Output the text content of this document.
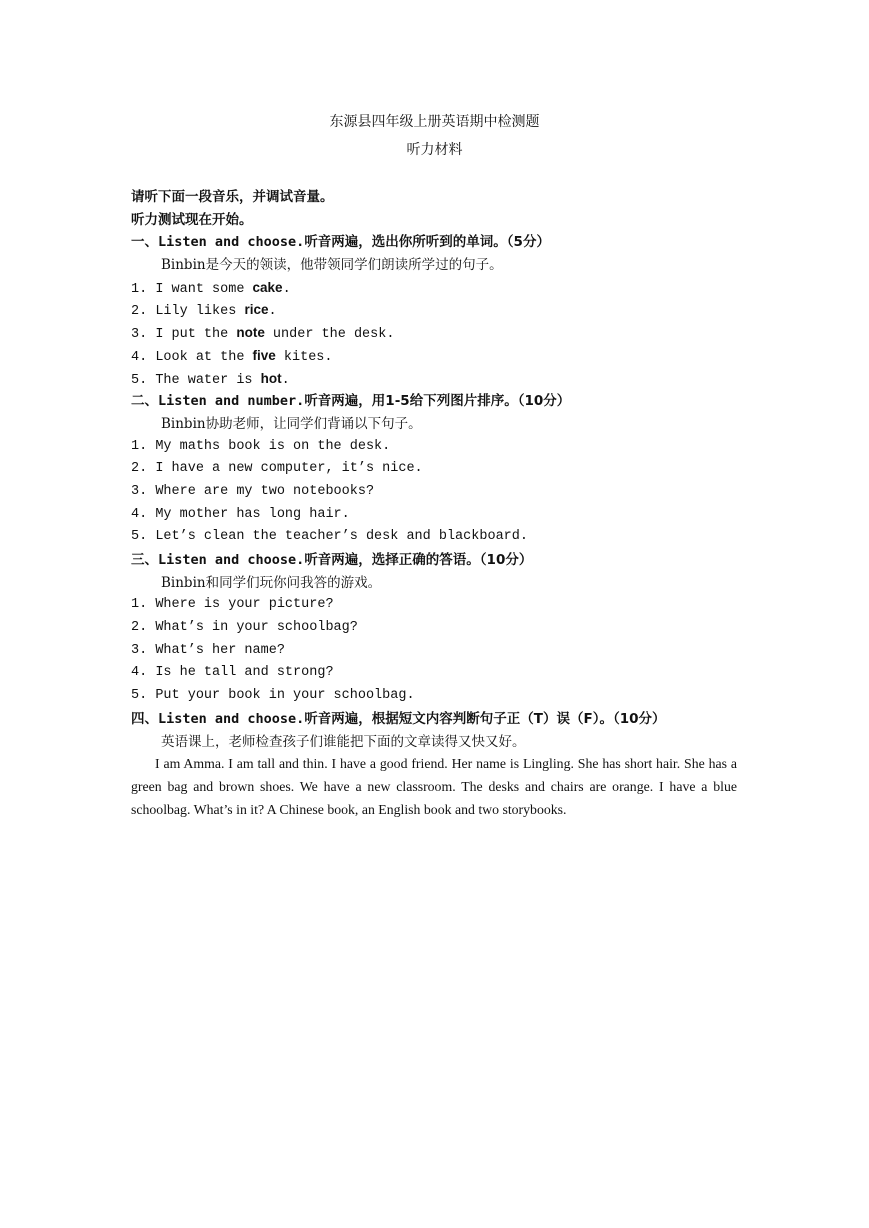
东源县四年级上册英语期中检测题
听力材料
请听下面一段音乐，并调试音量。
听力测试现在开始。
一、Listen and choose.听音两遍，选出你所听到的单词。（5分）
Binbin是今天的领读，他带领同学们朗读所学过的句子。
1. I want some cake.
2. Lily likes rice.
3. I put the note under the desk.
4. Look at the five kites.
5. The water is hot.
二、Listen and number.听音两遍，用1-5给下列图片排序。（10分）
Binbin协助老师，让同学们背诵以下句子。
1. My maths book is on the desk.
2. I have a new computer, it’s nice.
3. Where are my two notebooks?
4. My mother has long hair.
5. Let’s clean the teacher’s desk and blackboard.
三、Listen and choose.听音两遍，选择正确的答语。（10分）
Binbin和同学们玩你问我答的游戏。
1. Where is your picture?
2. What’s in your schoolbag?
3. What’s her name?
4. Is he tall and strong?
5. Put your book in your schoolbag.
四、Listen and choose.听音两遍，根据短文内容判断句子正（T）误（F）。（10分）
英语课上，老师检查孩子们谁能把下面的文章读得又快又好。

I am Amma. I am tall and thin. I have a good friend. Her name is Lingling. She has short hair. She has a green bag and brown shoes. We have a new classroom. The desks and chairs are orange. I have a blue schoolbag. What’s in it? A Chinese book, an English book and two storybooks.
